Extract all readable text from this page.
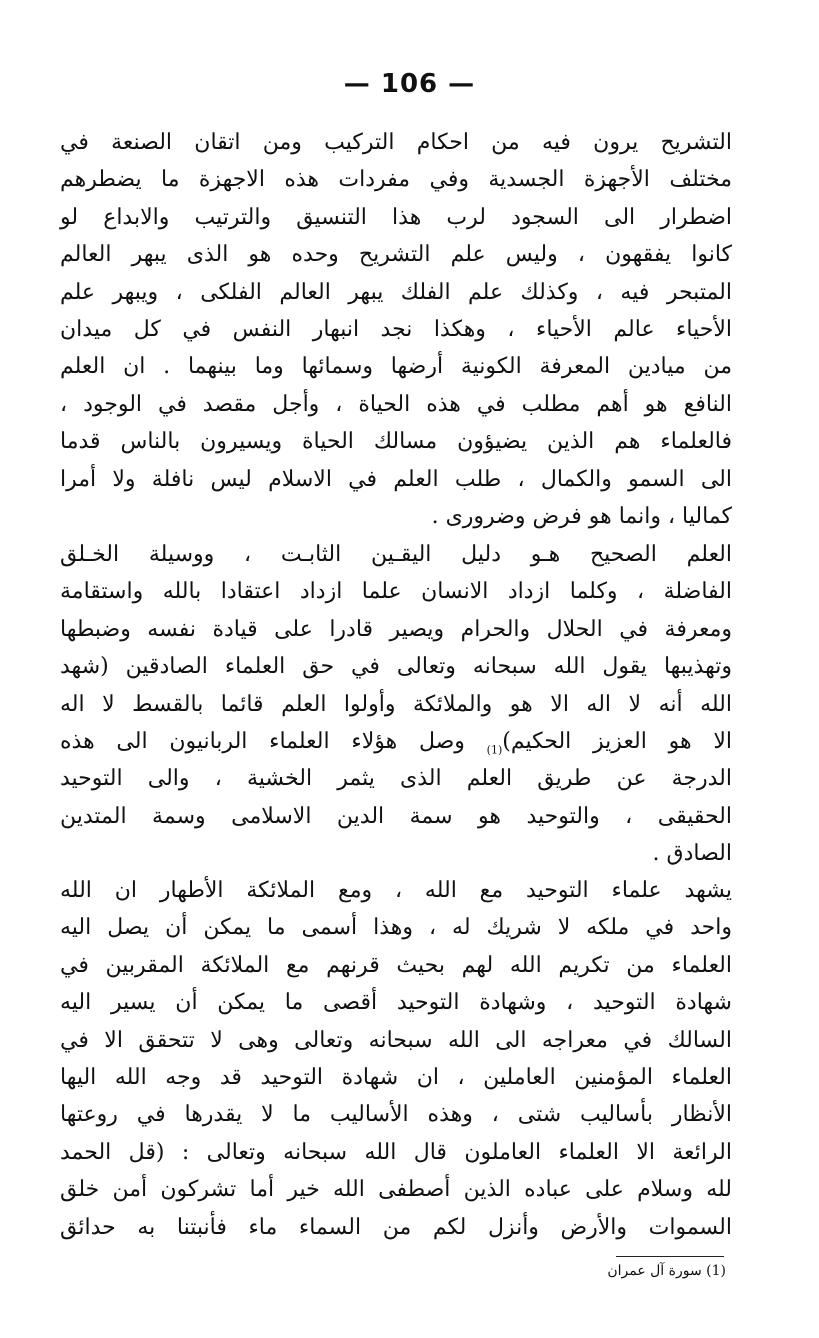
— 106 —
التشريح يرون فيه من احكام التركيب ومن اتقان الصنعة في
مختلف الأجهزة الجسدية وفي مفردات هذه الاجهزة ما يضطرهم
اضطرار الى السجود لرب هذا التنسيق والترتيب والابداع لو
كانوا يفقهون ، وليس علم التشريح وحده هو الذى يبهر العالم
المتبحر فيه ، وكذلك علم الفلك يبهر العالم الفلكى ، ويبهر علم
الأحياء عالم الأحياء ، وهكذا نجد انبهار النفس في كل ميدان
من ميادين المعرفة الكونية أرضها وسمائها وما بينهما . ان العلم
النافع هو أهم مطلب في هذه الحياة ، وأجل مقصد في الوجود ،
فالعلماء هم الذين يضيؤون مسالك الحياة ويسيرون بالناس قدما
الى السمو والكمال ، طلب العلم في الاسلام ليس نافلة ولا أمرا
كماليا ، وانما هو فرض وضرورى .
العلم الصحيح هـو دليل اليقـين الثابـت ، ووسيلة الخـلق
الفاضلة ، وكلما ازداد الانسان علما ازداد اعتقادا بالله واستقامة
ومعرفة في الحلال والحرام ويصير قادرا على قيادة نفسه وضبطها
وتهذيبها يقول الله سبحانه وتعالى في حق العلماء الصادقين (شهد
الله أنه لا اله الا هو والملائكة وأولوا العلم قائما بالقسط لا اله
الا هو العزيز $الحكيم)_{(1)}$ وصل هؤلاء العلماء الربانيون الى هذه
الدرجة عن طريق العلم الذى يثمر الخشية ، والى التوحيد
الحقيقى ، والتوحيد هو سمة الدين الاسلامى وسمة المتدين
الصادق .
يشهد علماء التوحيد مع الله ، ومع الملائكة الأطهار ان الله
واحد في ملكه لا شريك له ، وهذا أسمى ما يمكن أن يصل اليه
العلماء من تكريم الله لهم بحيث قرنهم مع الملائكة المقربين في
شهادة التوحيد ، وشهادة التوحيد أقصى ما يمكن أن يسير اليه
السالك في معراجه الى الله سبحانه وتعالى وهى لا تتحقق الا في
العلماء المؤمنين العاملين ، ان شهادة التوحيد قد وجه الله اليها
الأنظار بأساليب شتى ، وهذه الأساليب ما لا يقدرها في روعتها
الرائعة الا العلماء العاملون قال الله سبحانه وتعالى : (قل الحمد
لله وسلام على عباده الذين أصطفى الله خير أما تشركون أمن خلق
السموات والأرض وأنزل لكم من السماء ماء فأنبتنا به حدائق
(1) سورة آل عمران
